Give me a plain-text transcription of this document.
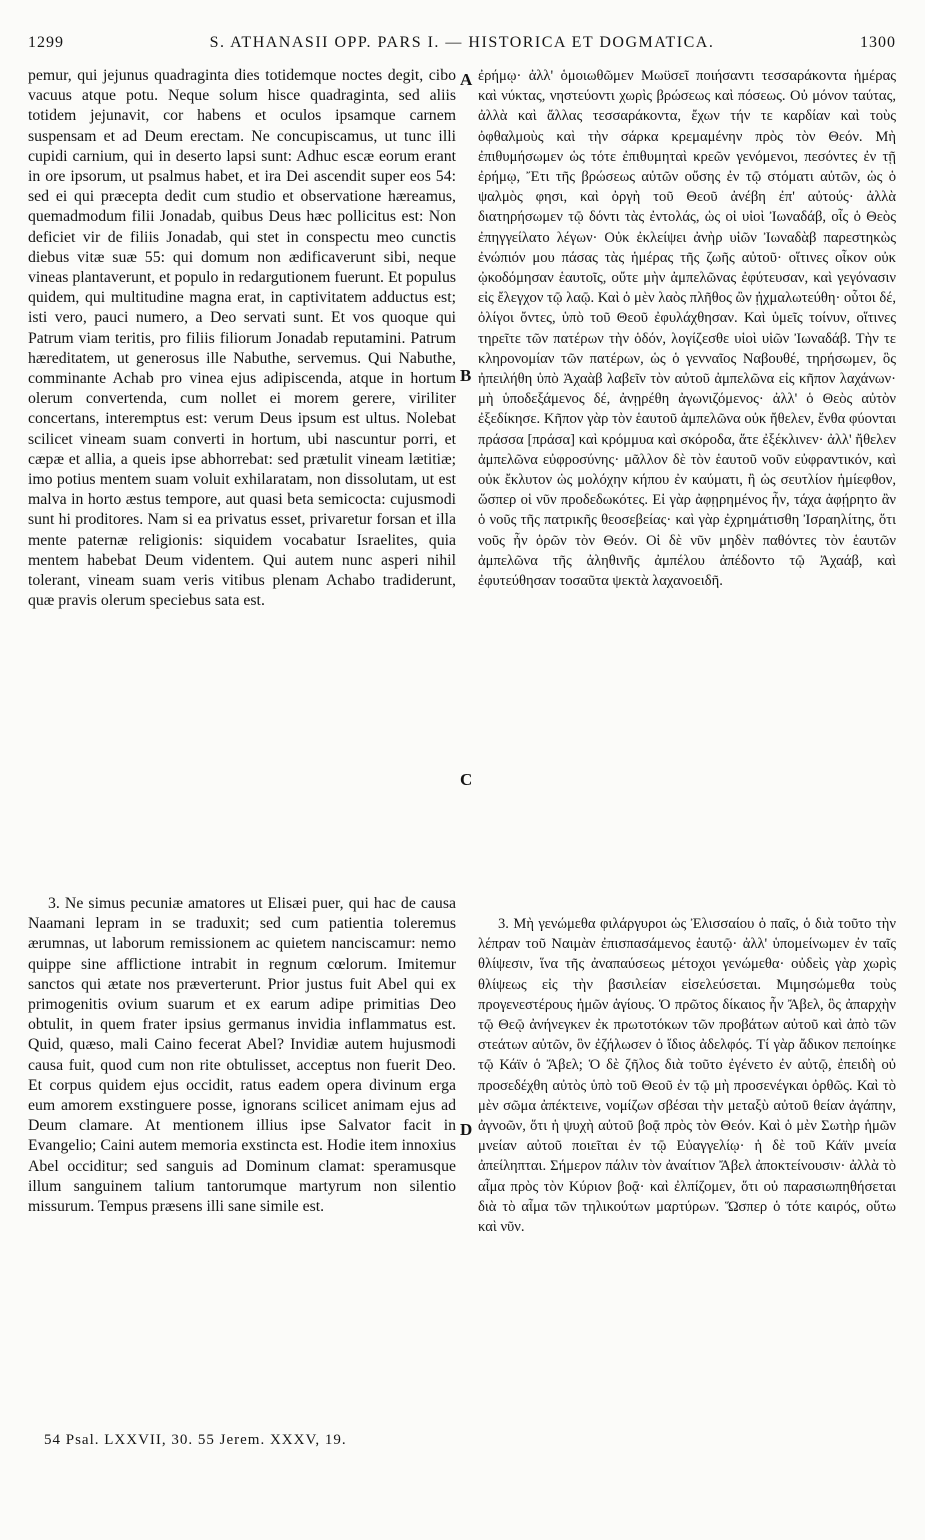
1299	S. ATHANASII OPP. PARS I. — HISTORICA ET DOGMATICA.	1300

pemur, qui jejunus quadraginta dies totidemque noctes degit, cibo vacuus atque potu. Neque solum hisce quadraginta, sed aliis totidem jejunavit, cor habens et oculos ipsamque carnem suspensam et ad Deum erectam. Ne concupiscamus, ut tunc illi cupidi carnium, qui in deserto lapsi sunt: Adhuc escæ eorum erant in ore ipsorum, ut psalmus habet, et ira Dei ascendit super eos 54: sed ei qui præcepta dedit cum studio et observatione hæreamus, quemadmodum filii Jonadab, quibus Deus hæc pollicitus est: Non deficiet vir de filiis Jonadab, qui stet in conspectu meo cunctis diebus vitæ suæ 55: qui domum non ædificaverunt sibi, neque vineas plantaverunt, et populo in redargutionem fuerunt. Et populus quidem, qui multitudine magna erat, in captivitatem adductus est; isti vero, pauci numero, a Deo servati sunt. Et vos quoque qui Patrum viam teritis, pro filiis filiorum Jonadab reputamini. Patrum hæreditatem, ut generosus ille Nabuthe, servemus. Qui Nabuthe, comminante Achab pro vinea ejus adipiscenda, atque in hortum olerum convertenda, cum nollet ei morem gerere, viriliter concertans, interemptus est: verum Deus ipsum est ultus. Nolebat scilicet vineam suam converti in hortum, ubi nascuntur porri, et cæpæ et allia, a queis ipse abhorrebat: sed prætulit vineam lætitiæ; imo potius mentem suam voluit exhilaratam, non dissolutam, ut est malva in horto æstus tempore, aut quasi beta semicocta: cujusmodi sunt hi proditores. Nam si ea privatus esset, privaretur forsan et illa mente paternæ religionis: siquidem vocabatur Israelites, quia mentem habebat Deum videntem. Qui autem nunc asperi nihil tolerant, vineam suam veris vitibus plenam Achabo tradiderunt, quæ pravis olerum speciebus sata est.

3. Ne simus pecuniæ amatores ut Elisæi puer, qui hac de causa Naamani lepram in se traduxit; sed cum patientia toleremus ærumnas, ut laborum remissionem ac quietem nanciscamur: nemo quippe sine afflictione intrabit in regnum cœlorum. Imitemur sanctos qui ætate nos præverterunt. Prior justus fuit Abel qui ex primogenitis ovium suarum et ex earum adipe primitias Deo obtulit, in quem frater ipsius germanus invidia inflammatus est. Quid, quæso, mali Caino fecerat Abel? Invidiæ autem hujusmodi causa fuit, quod cum non rite obtulisset, acceptus non fuerit Deo. Et corpus quidem ejus occidit, ratus eadem opera divinum erga eum amorem exstinguere posse, ignorans scilicet animam ejus ad Deum clamare. At mentionem illius ipse Salvator facit in Evangelio; Caini autem memoria exstincta est. Hodie item innoxius Abel occiditur; sed sanguis ad Dominum clamat: speramusque illum sanguinem talium tantorumque martyrum non silentio missurum. Tempus præsens illi sane simile est.

ἐρήμῳ· ἀλλ' ὁμοιωθῶμεν Μωϋσεῖ ποιήσαντι τεσσαράκοντα ἡμέρας καὶ νύκτας, νηστεύοντι χωρὶς βρώσεως καὶ πόσεως. Οὐ μόνον ταύτας, ἀλλὰ καὶ ἄλλας τεσσαράκοντα, ἔχων τήν τε καρδίαν καὶ τοὺς ὀφθαλμοὺς καὶ τὴν σάρκα κρεμαμένην πρὸς τὸν Θεόν. Μὴ ἐπιθυμήσωμεν ὡς τότε ἐπιθυμηταὶ κρεῶν γενόμενοι, πεσόντες ἐν τῇ ἐρήμῳ, Ἔτι τῆς βρώσεως αὐτῶν οὔσης ἐν τῷ στόματι αὐτῶν, ὡς ὁ ψαλμὸς φησι, καὶ ὀργὴ τοῦ Θεοῦ ἀνέβη ἐπ' αὐτούς· ἀλλὰ διατηρήσωμεν τῷ δόντι τὰς ἐντολάς, ὡς οἱ υἱοὶ Ἰωναδάβ, οἷς ὁ Θεὸς ἐπηγγείλατο λέγων· Οὐκ ἐκλείψει ἀνὴρ υἱῶν Ἰωναδὰβ παρεστηκὼς ἐνώπιόν μου πάσας τὰς ἡμέρας τῆς ζωῆς αὐτοῦ· οἵτινες οἶκον οὐκ ᾠκοδόμησαν ἑαυτοῖς, οὔτε μὴν ἀμπελῶνας ἐφύτευσαν, καὶ γεγόνασιν εἰς ἔλεγχον τῷ λαῷ. Καὶ ὁ μὲν λαὸς πλῆθος ὢν ᾐχμαλωτεύθη· οὗτοι δέ, ὀλίγοι ὄντες, ὑπὸ τοῦ Θεοῦ ἐφυλάχθησαν. Καὶ ὑμεῖς τοίνυν, οἵτινες τηρεῖτε τῶν πατέρων τὴν ὁδόν, λογίζεσθε υἱοὶ υἱῶν Ἰωναδάβ. Τὴν τε κληρονομίαν τῶν πατέρων, ὡς ὁ γενναῖος Ναβουθέ, τηρήσωμεν, ὃς ἠπειλήθη ὑπὸ Ἀχαὰβ λαβεῖν τὸν αὐτοῦ ἀμπελῶνα εἰς κῆπον λαχάνων· μὴ ὑποδεξάμενος δέ, ἀνῃρέθη ἀγωνιζόμενος· ἀλλ' ὁ Θεὸς αὐτὸν ἐξεδίκησε. Κῆπον γὰρ τὸν ἑαυτοῦ ἀμπελῶνα οὐκ ἤθελεν, ἔνθα φύονται πράσσα [πράσα] καὶ κρόμμυα καὶ σκόροδα, ἅτε ἐξέκλινεν· ἀλλ' ἤθελεν ἀμπελῶνα εὐφροσύνης· μᾶλλον δὲ τὸν ἑαυτοῦ νοῦν εὐφραντικόν, καὶ οὐκ ἔκλυτον ὡς μολόχην κήπου ἐν καύματι, ἢ ὡς σευτλίον ἡμίεφθον, ὥσπερ οἱ νῦν προδεδωκότες. Εἰ γὰρ ἀφῃρημένος ἦν, τάχα ἀφῄρητο ἂν ὁ νοῦς τῆς πατρικῆς θεοσεβείας· καὶ γὰρ ἐχρημάτισθη Ἰσραηλίτης, ὅτι νοῦς ἦν ὁρῶν τὸν Θεόν. Οἱ δὲ νῦν μηδὲν παθόντες τὸν ἑαυτῶν ἀμπελῶνα τῆς ἀληθινῆς ἀμπέλου ἀπέδοντο τῷ Ἀχαάβ, καὶ ἐφυτεύθησαν τοσαῦτα ψεκτὰ λαχανοειδῆ.

3. Μὴ γενώμεθα φιλάργυροι ὡς Ἐλισσαίου ὁ παῖς, ὁ διὰ τοῦτο τὴν λέπραν τοῦ Ναιμὰν ἐπισπασάμενος ἑαυτῷ· ἀλλ' ὑπομείνωμεν ἐν ταῖς θλίψεσιν, ἵνα τῆς ἀναπαύσεως μέτοχοι γενώμεθα· οὐδεὶς γὰρ χωρὶς θλίψεως εἰς τὴν βασιλείαν εἰσελεύσεται. Μιμησώμεθα τοὺς προγενεστέρους ἡμῶν ἁγίους. Ὁ πρῶτος δίκαιος ἦν Ἄβελ, ὃς ἀπαρχὴν τῷ Θεῷ ἀνήνεγκεν ἐκ πρωτοτόκων τῶν προβάτων αὐτοῦ καὶ ἀπὸ τῶν στεάτων αὐτῶν, ὃν ἐζήλωσεν ὁ ἴδιος ἀδελφός. Τί γὰρ ἄδικον πεποίηκε τῷ Κάϊν ὁ Ἄβελ; Ὁ δὲ ζῆλος διὰ τοῦτο ἐγένετο ἐν αὐτῷ, ἐπειδὴ οὐ προσεδέχθη αὐτὸς ὑπὸ τοῦ Θεοῦ ἐν τῷ μὴ προσενέγκαι ὀρθῶς. Καὶ τὸ μὲν σῶμα ἀπέκτεινε, νομίζων σβέσαι τὴν μεταξὺ αὐτοῦ θείαν ἀγάπην, ἀγνοῶν, ὅτι ἡ ψυχὴ αὐτοῦ βοᾷ πρὸς τὸν Θεόν. Καὶ ὁ μὲν Σωτὴρ ἡμῶν μνείαν αὐτοῦ ποιεῖται ἐν τῷ Εὐαγγελίῳ· ἡ δὲ τοῦ Κάϊν μνεία ἀπείληπται. Σήμερον πάλιν τὸν ἀναίτιον Ἄβελ ἀποκτείνουσιν· ἀλλὰ τὸ αἷμα πρὸς τὸν Κύριον βοᾷ· καὶ ἐλπίζομεν, ὅτι οὐ παρασιωπηθήσεται διὰ τὸ αἷμα τῶν τηλικούτων μαρτύρων. Ὥσπερ ὁ τότε καιρός, οὕτω καὶ νῦν.

A
B
C
D
54 Psal. LXXVII, 30. 55 Jerem. XXXV, 19.
